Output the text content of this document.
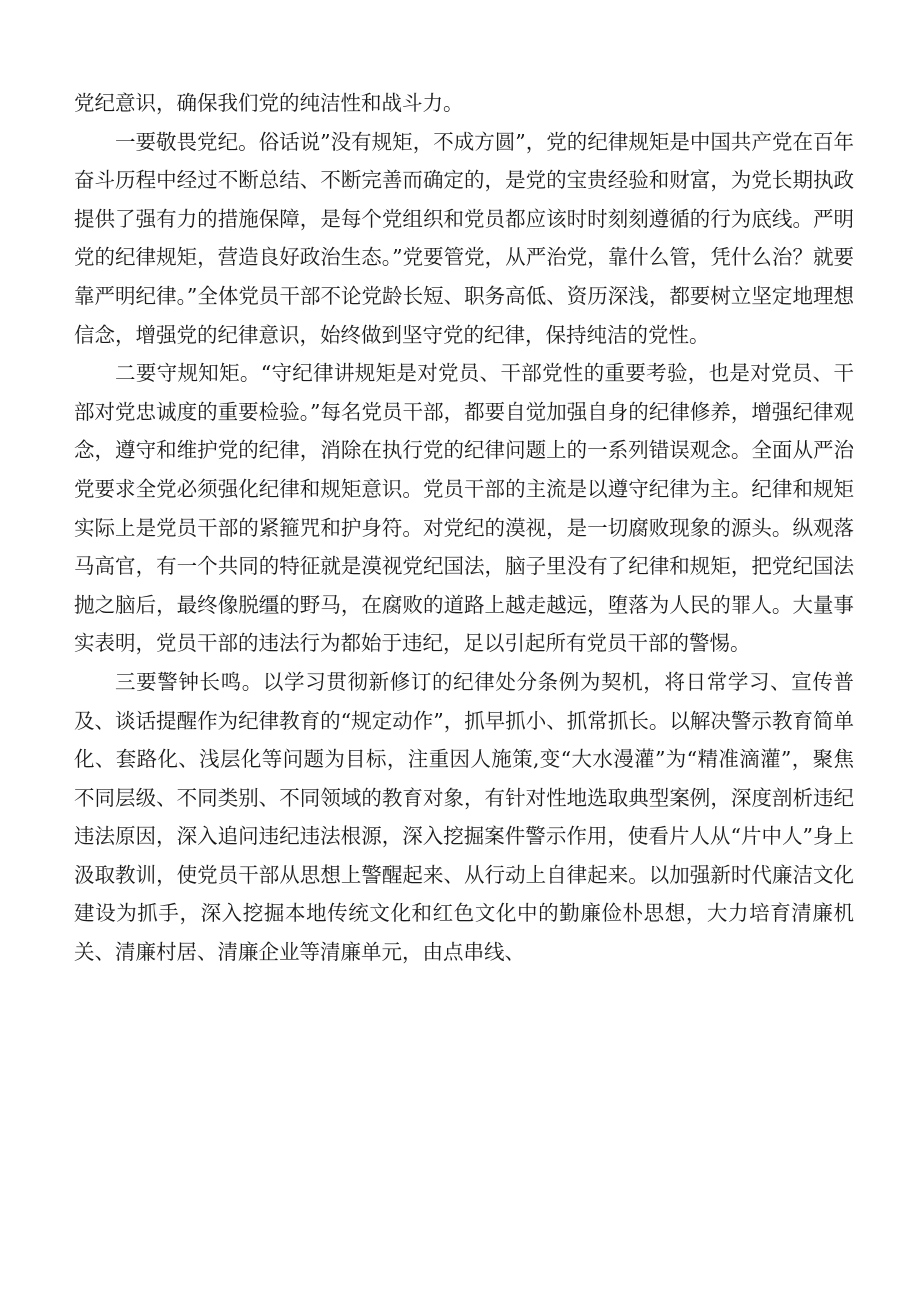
党纪意识，确保我们党的纯洁性和战斗力。

一要敬畏党纪。俗话说”没有规矩，不成方圆”，党的纪律规矩是中国共产党在百年奋斗历程中经过不断总结、不断完善而确定的，是党的宝贵经验和财富，为党长期执政提供了强有力的措施保障，是每个党组织和党员都应该时时刻刻遵循的行为底线。严明党的纪律规矩，营造良好政治生态。”党要管党，从严治党，靠什么管，凭什么治？就要靠严明纪律。”全体党员干部不论党龄长短、职务高低、资历深浅，都要树立坚定地理想信念，增强党的纪律意识，始终做到坚守党的纪律，保持纯洁的党性。

二要守规知矩。“守纪律讲规矩是对党员、干部党性的重要考验，也是对党员、干部对党忠诚度的重要检验。”每名党员干部，都要自觉加强自身的纪律修养，增强纪律观念，遵守和维护党的纪律，消除在执行党的纪律问题上的一系列错误观念。全面从严治党要求全党必须强化纪律和规矩意识。党员干部的主流是以遵守纪律为主。纪律和规矩实际上是党员干部的紧箍咒和护身符。对党纪的漠视，是一切腐败现象的源头。纵观落马高官，有一个共同的特征就是漠视党纪国法，脑子里没有了纪律和规矩，把党纪国法抛之脑后，最终像脱缰的野马，在腐败的道路上越走越远，堕落为人民的罪人。大量事实表明，党员干部的违法行为都始于违纪，足以引起所有党员干部的警惕。

三要警钟长鸣。以学习贯彻新修订的纪律处分条例为契机，将日常学习、宣传普及、谈话提醒作为纪律教育的“规定动作”，抓早抓小、抓常抓长。以解决警示教育简单化、套路化、浅层化等问题为目标，注重因人施策,变“大水漫灌”为“精准滴灌”，聚焦不同层级、不同类别、不同领域的教育对象，有针对性地选取典型案例，深度剖析违纪违法原因，深入追问违纪违法根源，深入挖掘案件警示作用，使看片人从“片中人”身上汲取教训，使党员干部从思想上警醒起来、从行动上自律起来。以加强新时代廉洁文化建设为抓手，深入挖掘本地传统文化和红色文化中的勤廉俭朴思想，大力培育清廉机关、清廉村居、清廉企业等清廉单元，由点串线、
